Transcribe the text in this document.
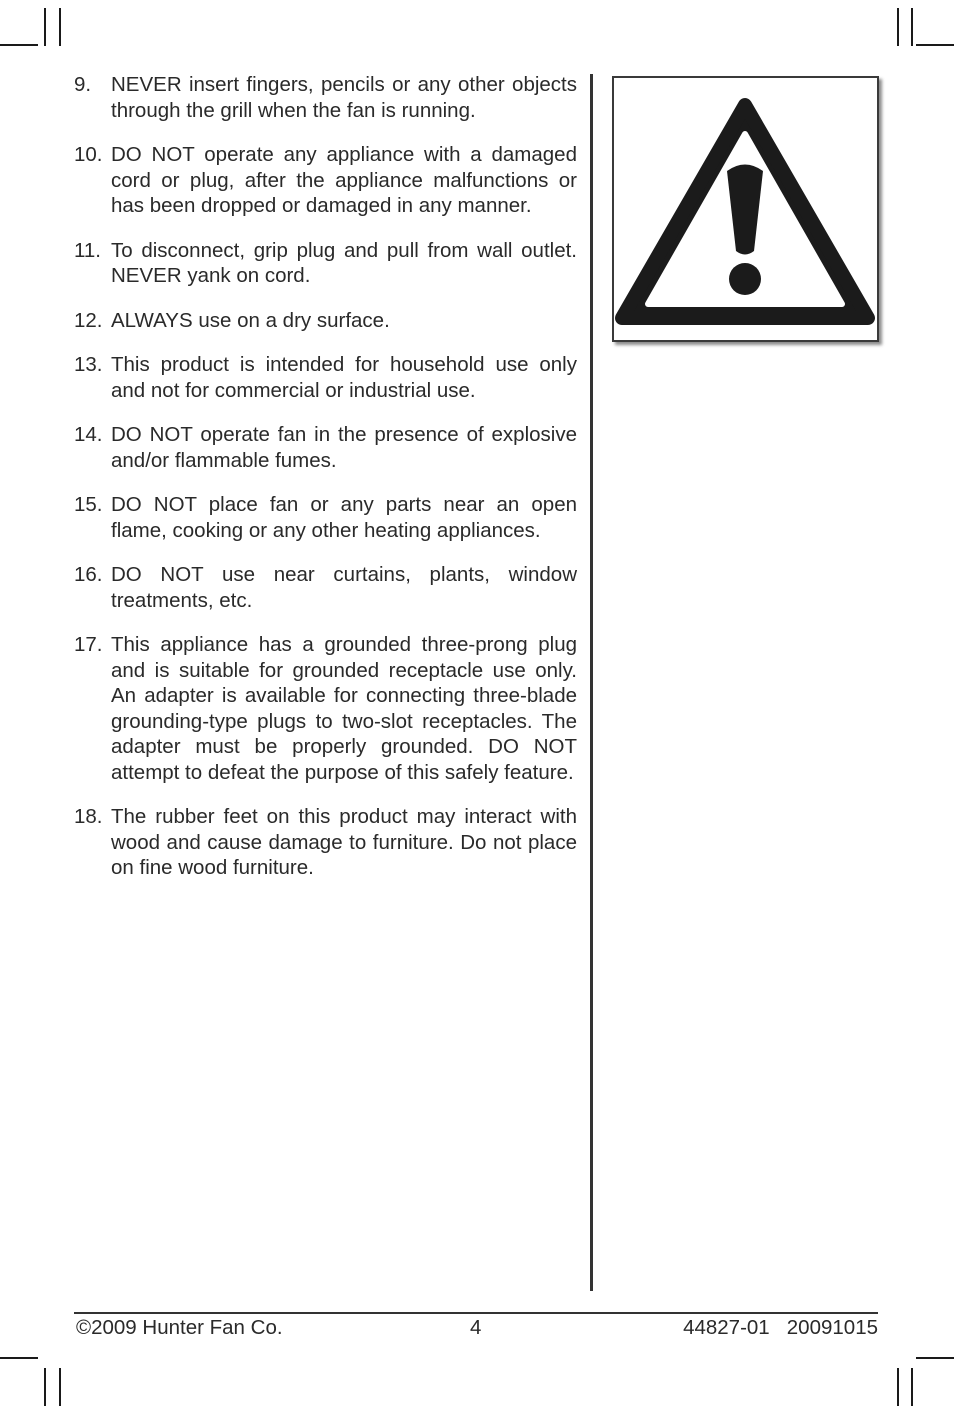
9. NEVER insert fingers, pencils or any other objects through the grill when the fan is running.
10. DO NOT operate any appliance with a damaged cord or plug, after the appliance malfunctions or has been dropped or damaged in any manner.
11. To disconnect, grip plug and pull from wall outlet. NEVER yank on cord.
12. ALWAYS use on a dry surface.
13. This product is intended for household use only and not for commercial or industrial use.
14. DO NOT operate fan in the presence of explosive and/or flammable fumes.
15. DO NOT place fan or any parts near an open flame, cooking or any other heating appliances.
16. DO NOT use near curtains, plants, window treatments, etc.
17. This appliance has a grounded three-prong plug and is suitable for grounded receptacle use only. An adapter is available for connecting three-blade grounding-type plugs to two-slot receptacles. The adapter must be properly grounded. DO NOT attempt to defeat the purpose of this safely feature.
18. The rubber feet on this product may interact with wood and cause damage to furniture. Do not place on fine wood furniture.
©2009 Hunter Fan Co.	4	44827-01   20091015
